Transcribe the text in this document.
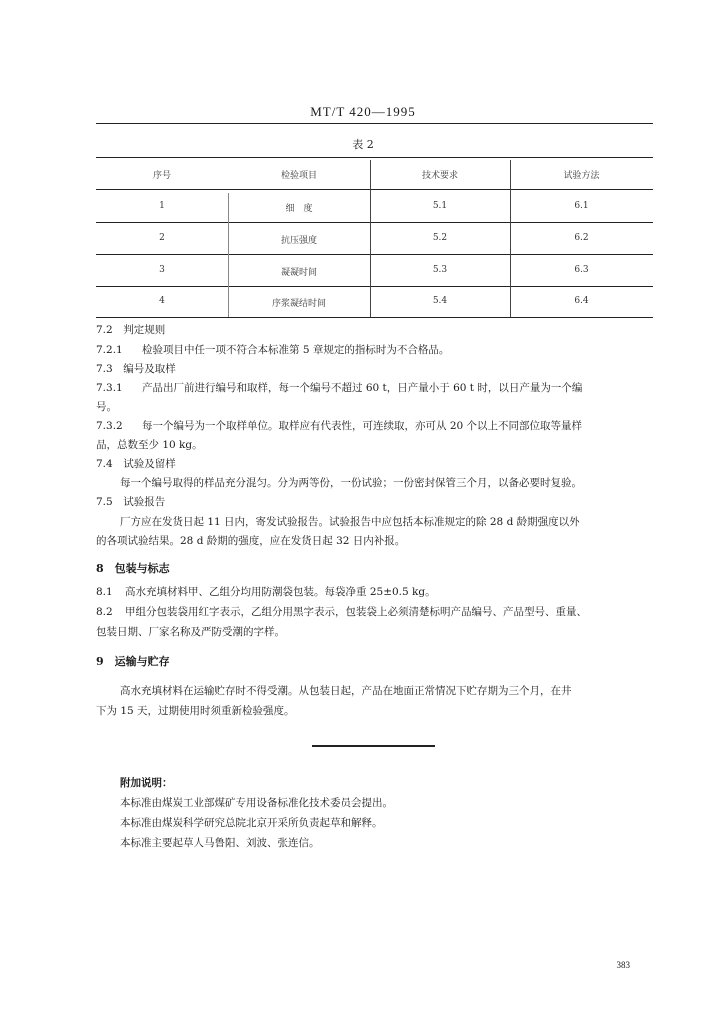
MT/T 420—1995
表 2
序号	检验项目	技术要求	试验方法
1	细　度	5.1	6.1
2	抗压强度	5.2	6.2
3	凝凝时间	5.3	6.3
4	序浆凝结时间	5.4	6.4
7.2　判定规则
7.2.1 检验项目中任一项不符合本标准第 5 章规定的指标时为不合格品。
7.3　编号及取样
7.3.1 产品出厂前进行编号和取样，每一个编号不超过 60 t，日产量小于 60 t 时，以日产量为一个编
号。
7.3.2 每一个编号为一个取样单位。取样应有代表性，可连续取，亦可从 20 个以上不同部位取等量样
品，总数至少 10 kg。
7.4　试验及留样
每一个编号取得的样品充分混匀。分为两等份，一份试验；一份密封保管三个月，以备必要时复验。
7.5　试验报告
厂方应在发货日起 11 日内，寄发试验报告。试验报告中应包括本标准规定的除 28 d 龄期强度以外
的各项试验结果。28 d 龄期的强度，应在发货日起 32 日内补报。
8　包装与标志
8.1 高水充填材料甲、乙组分均用防潮袋包装。每袋净重 25±0.5 kg。
8.2 甲组分包装袋用红字表示，乙组分用黑字表示，包装袋上必须清楚标明产品编号、产品型号、重量、
包装日期、厂家名称及严防受潮的字样。
9　运输与贮存
高水充填材料在运输贮存时不得受潮。从包装日起，产品在地面正常情况下贮存期为三个月，在井
下为 15 天，过期使用时须重新检验强度。
附加说明：
本标准由煤炭工业部煤矿专用设备标准化技术委员会提出。
本标准由煤炭科学研究总院北京开采所负责起草和解释。
本标准主要起草人马鲁阳、刘波、张连信。
383
